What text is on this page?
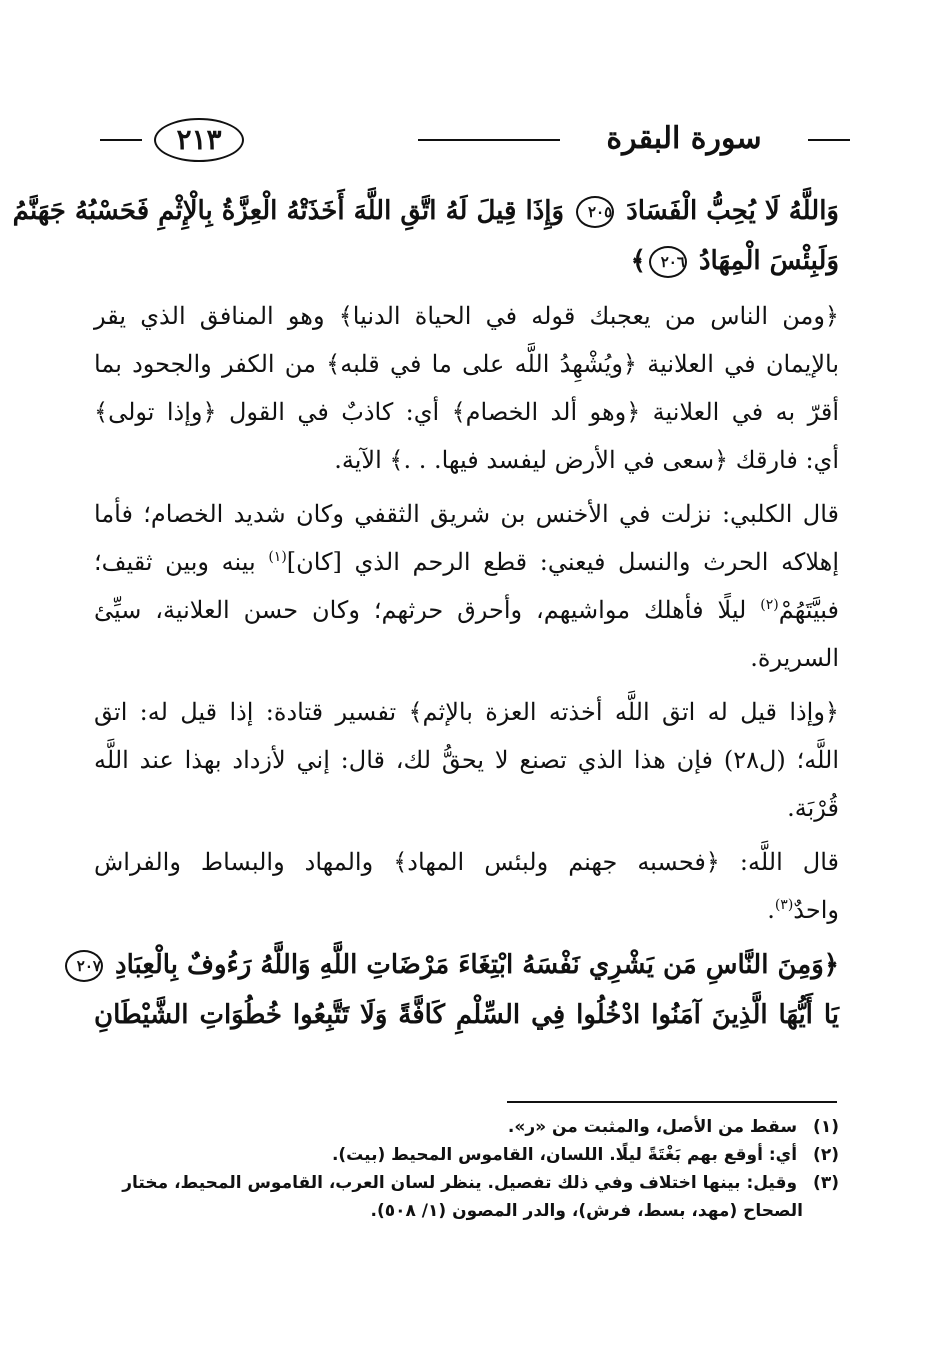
سورة البقرة
٢١٣
وَاللَّهُ لَا يُحِبُّ الْفَسَادَ ٢٠٥ وَإِذَا قِيلَ لَهُ اتَّقِ اللَّهَ أَخَذَتْهُ الْعِزَّةُ بِالْإِثْمِ فَحَسْبُهُ جَهَنَّمُ
وَلَبِئْسَ الْمِهَادُ ٢٠٦﴾
﴿ومن الناس من يعجبك قوله في الحياة الدنيا﴾ وهو المنافق الذي يقر
بالإيمان في العلانية ﴿ويُشْهِدُ اللَّه على ما في قلبه﴾ من الكفر والجحود بما
أقرّ به في العلانية ﴿وهو ألد الخصام﴾ أي: كاذبٌ في القول ﴿وإذا تولى﴾
أي: فارقك ﴿سعى في الأرض ليفسد فيها. . .﴾ الآية.
قال الكلبي: نزلت في الأخنس بن شريق الثقفي وكان شديد الخصام؛ فأما
إهلاكه الحرث والنسل فيعني: قطع الرحم الذي [كان]$^{(١)}$ بينه وبين ثقيف؛
فبيَّتَهُمْ$^{(٢)}$ ليلًا فأهلك مواشيهم، وأحرق حرثهم؛ وكان حسن العلانية، سيِّئ
السريرة.
﴿وإذا قيل له اتق اللَّه أخذته العزة بالإثم﴾ تفسير قتادة: إذا قيل له: اتق
اللَّه؛ (ل٢٨) فإن هذا الذي تصنع لا يحقُّ لك، قال: إني لأزداد بهذا عند اللَّه
قُرْبَة.
قال اللَّه: ﴿فحسبه جهنم ولبئس المهاد﴾ والمهاد والبساط والفراش
واحدٌ$^{(٣)}$.
﴿وَمِنَ النَّاسِ مَن يَشْرِي نَفْسَهُ ابْتِغَاءَ مَرْضَاتِ اللَّهِ وَاللَّهُ رَءُوفٌ بِالْعِبَادِ ٢٠٧
يَا أَيُّهَا الَّذِينَ آمَنُوا ادْخُلُوا فِي السِّلْمِ كَافَّةً وَلَا تَتَّبِعُوا خُطُوَاتِ الشَّيْطَانِ
(١) سقط من الأصل، والمثبت من «ر».
(٢) أي: أوقع بهم بَغْتَةً ليلًا. اللسان، القاموس المحيط (بيت).
(٣) وقيل: بينها اختلاف وفي ذلك تفصيل. ينظر لسان العرب، القاموس المحيط، مختار
الصحاح (مهد، بسط، فرش)، والدر المصون (١/ ٥٠٨).
